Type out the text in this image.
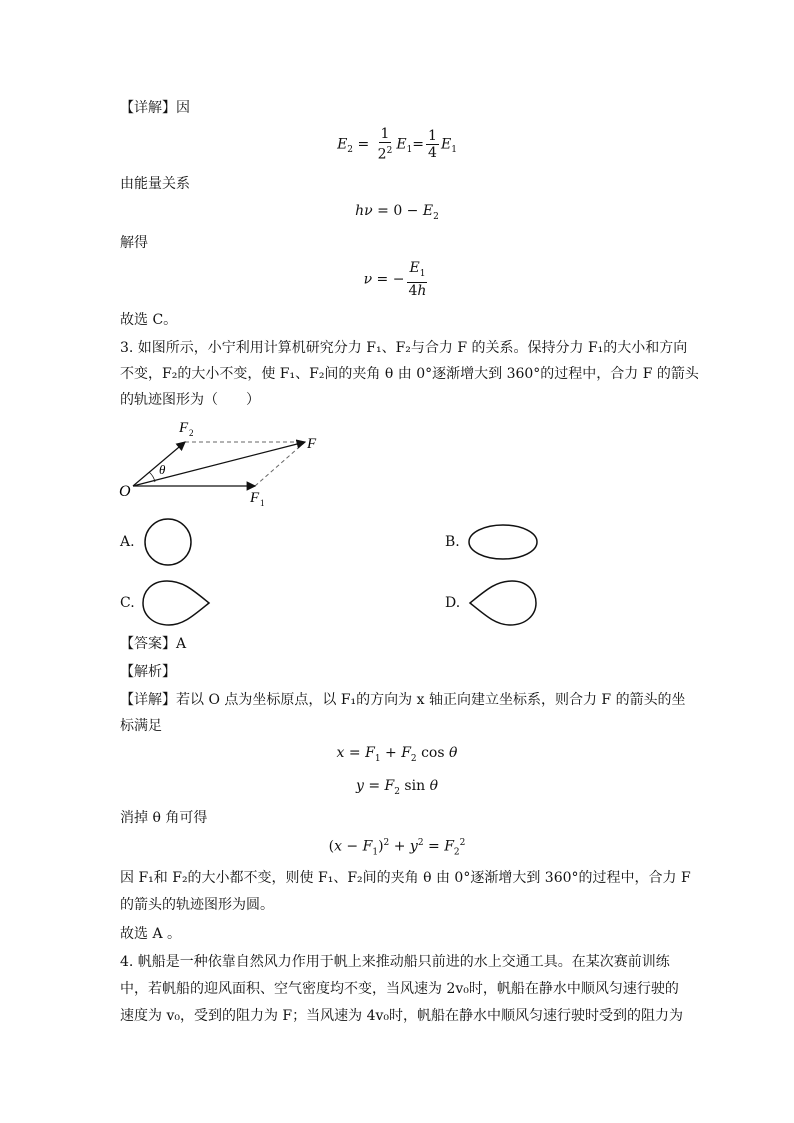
【详解】因
$E_2 = \frac{1}{2^2} E_1= \frac{1}{4} E_1$
由能量关系
$h\nu = 0 - E_2$
解得
ν = − $\frac{E_1}{4h}$
故选 C。
3. 如图所示，小宁利用计算机研究分力 F₁、F₂与合力 F 的关系。保持分力 F₁的大小和方向
不变，F₂的大小不变，使 F₁、F₂间的夹角 θ 由 0°逐渐增大到 360°的过程中，合力 F 的箭头
的轨迹图形为（　　）
θ
O	F 1
F 2
F
A.	B.
C.	D.
【答案】A
【解析】
【详解】若以 O 点为坐标原点，以 F₁的方向为 x 轴正向建立坐标系，则合力 F 的箭头的坐
标满足
$x = F_1 + F_2$ cos θ
$y = F_2$ sin θ
消掉 θ 角可得
$(x - F_1)^2 + y^2 = F_2^2$
因 F₁和 F₂的大小都不变，则使 F₁、F₂间的夹角 θ 由 0°逐渐增大到 360°的过程中，合力 F
的箭头的轨迹图形为圆。
故选 A 。
4. 帆船是一种依靠自然风力作用于帆上来推动船只前进的水上交通工具。在某次赛前训练
中，若帆船的迎风面积、空气密度均不变，当风速为 2v₀时，帆船在静水中顺风匀速行驶的
速度为 v₀，受到的阻力为 F；当风速为 4v₀时，帆船在静水中顺风匀速行驶时受到的阻力为
